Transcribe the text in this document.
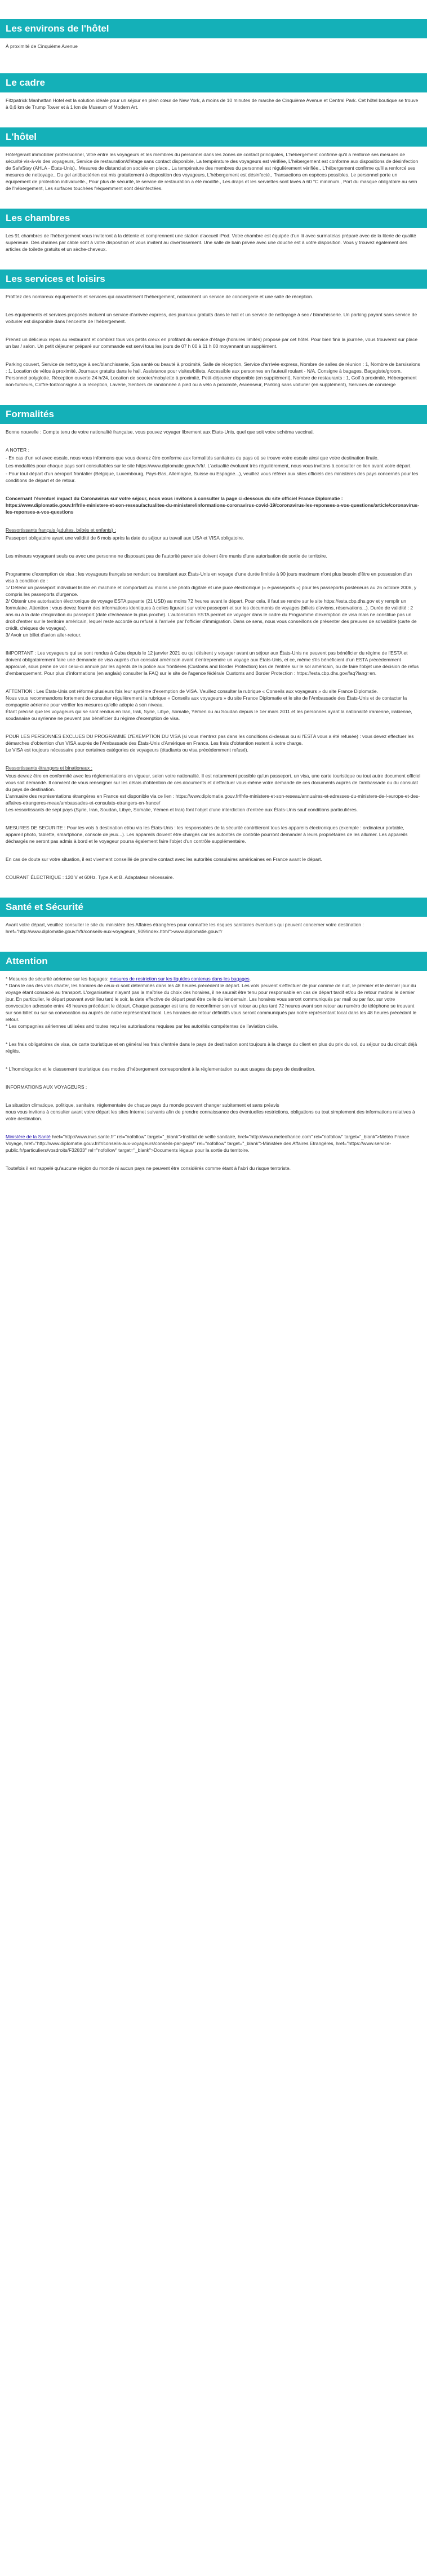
Les environs de l'hôtel

À proximité de Cinquième Avenue

Le cadre

Fitzpatrick Manhattan Hotel est la solution idéale pour un séjour en plein cœur de New York, à moins de 10 minutes de marche de Cinquième Avenue et Central Park. Cet hôtel boutique se trouve à 0,6 km de Trump Tower et à 1 km de Museum of Modern Art.

L'hôtel

Hôte/gérant immobilier professionnel, Vitre entre les voyageurs et les membres du personnel dans les zones de contact principales, L'hébergement confirme qu'il a renforcé ses mesures de sécurité vis-à-vis des voyageurs, Service de restauration/d'étage sans contact disponible, La température des voyageurs est vérifiée, L'hébergement est conforme aux dispositions de désinfection de SafeStay (AHLA - États-Unis)., Mesures de distanciation sociale en place., La température des membres du personnel est régulièrement vérifiée., L'hébergement confirme qu'il a renforcé ses mesures de nettoyage., Du gel antibactérien est mis gratuitement à disposition des voyageurs, L'hébergement est désinfecté., Transactions en espèces possibles. Le personnel porte un équipement de protection individuelle., Pour plus de sécurité, le service de restauration a été modifié., Les draps et les serviettes sont lavés à 60 °C minimum., Port du masque obligatoire au sein de l'hébergement, Les surfaces touchées fréquemment sont désinfectées.

Les chambres

Les 91 chambres de l'hébergement vous inviteront à la détente et comprennent une station d'accueil iPod. Votre chambre est équipée d'un lit avec surmatelas préparé avec de la literie de qualité supérieure. Des chaînes par câble sont à votre disposition et vous invitent au divertissement. Une salle de bain privée avec une douche est à votre disposition. Vous y trouvez également des articles de toilette gratuits et un sèche-cheveux.

Les services et loisirs

Profitez des nombreux équipements et services qui caractérisent l'hébergement, notamment un service de conciergerie et une salle de réception.

Les équipements et services proposés incluent un service d'arrivée express, des journaux gratuits dans le hall et un service de nettoyage à sec / blanchisserie. Un parking payant sans service de voiturier est disponible dans l'enceinte de l'hébergement.

Prenez un délicieux repas au restaurant et comblez tous vos petits creux en profitant du service d'étage (horaires limités) proposé par cet hôtel. Pour bien finir la journée, vous trouverez sur place un bar / salon. Un petit déjeuner préparé sur commande est servi tous les jours de 07 h 00 à 11 h 00 moyennant un supplément.

Parking couvert, Service de nettoyage à sec/blanchisserie, Spa santé ou beauté à proximité, Salle de réception, Service d'arrivée express, Nombre de salles de réunion : 1, Nombre de bars/salons : 1, Location de vélos à proximité, Journaux gratuits dans le hall, Assistance pour visites/billets, Accessible aux personnes en fauteuil roulant - N/A, Consigne à bagages, Bagagiste/groom, Personnel polyglotte, Réception ouverte 24 h/24, Location de scooter/mobylette à proximité, Petit-déjeuner disponible (en supplément), Nombre de restaurants : 1, Golf à proximité, Hébergement non-fumeurs, Coffre-fort/consigne à la réception, Laverie, Sentiers de randonnée à pied ou à vélo à proximité, Ascenseur, Parking sans voiturier (en supplément), Services de concierge

Formalités

Bonne nouvelle : Compte tenu de votre nationalité française, vous pouvez voyager librement aux Etats-Unis, quel que soit votre schéma vaccinal.

A NOTER :

- En cas d'un vol avec escale, nous vous informons que vous devrez être conforme aux formalités sanitaires du pays où se trouve votre escale ainsi que votre destination finale.

Les modalités pour chaque pays sont consultables sur le site https://www.diplomatie.gouv.fr/fr/. L'actualité évoluant très régulièrement, nous vous invitons à consulter ce lien avant votre départ.

- Pour tout départ d'un aéroport frontalier (Belgique, Luxembourg, Pays-Bas, Allemagne, Suisse ou Espagne...), veuillez vous référer aux sites officiels des ministères des pays concernés pour les conditions de départ et de retour.

Concernant l'éventuel impact du Coronavirus sur votre séjour, nous vous invitons à consulter la page ci-dessous du site officiel France Diplomatie : https://www.diplomatie.gouv.fr/fr/le-ministere-et-son-reseau/actualites-du-ministere/informations-coronavirus-covid-19/coronavirus-les-reponses-a-vos-questions/article/coronavirus-les-reponses-a-vos-questions

Ressortissants français (adultes, bébés et enfants) :

Passeport obligatoire ayant une validité de 6 mois après la date du séjour au travail aux USA et VISA obligatoire.

Les mineurs voyageant seuls ou avec une personne ne disposant pas de l'autorité parentale doivent être munis d'une autorisation de sortie de territoire.

Programme d'exemption de visa : les voyageurs français se rendant ou transitant aux États-Unis en voyage d'une durée limitée à 90 jours maximum n'ont plus besoin d'être en possession d'un visa à condition de :
1/ Détenir un passeport individuel lisible en machine et comportant au moins une photo digitale et une puce électronique (« e-passeports ») pour les passeports postérieurs au 26 octobre 2006, y compris les passeports d'urgence.
2/ Obtenir une autorisation électronique de voyage ESTA payante (21 USD) au moins 72 heures avant le départ. Pour cela, il faut se rendre sur le site https://esta.cbp.dhs.gov et y remplir un formulaire. Attention : vous devez fournir des informations identiques à celles figurant sur votre passeport et sur les documents de voyages (billets d'avions, réservations...). Durée de validité : 2 ans ou à la date d'expiration du passeport (date d'échéance la plus proche). L'autorisation ESTA permet de voyager dans le cadre du Programme d'exemption de visa mais ne constitue pas un droit d'entrer sur le territoire américain, lequel reste accordé ou refusé à l'arrivée par l'officier d'immigration. Dans ce sens, nous vous conseillons de présenter des preuves de solvabilité (carte de crédit, chèques de voyages).
3/ Avoir un billet d'avion aller-retour.

IMPORTANT : Les voyageurs qui se sont rendus à Cuba depuis le 12 janvier 2021 ou qui désirent y voyager avant un séjour aux États-Unis ne peuvent pas bénéficier du régime de l'ESTA et doivent obligatoirement faire une demande de visa auprès d'un consulat américain avant d'entreprendre un voyage aux États-Unis, et ce, même s'ils bénéficient d'un ESTA précédemment approuvé, sous peine de voir celui-ci annulé par les agents de la police aux frontières (Customs and Border Protection) lors de l'entrée sur le sol américain, ou de faire l'objet une décision de refus d'embarquement. Pour plus d'informations (en anglais) consulter la FAQ sur le site de l'agence fédérale Customs and Border Protection : https://esta.cbp.dhs.gov/faq?lang=en.

ATTENTION : Les États-Unis ont réformé plusieurs fois leur système d'exemption de VISA. Veuillez consulter la rubrique « Conseils aux voyageurs » du site France Diplomatie.
Nous vous recommandons fortement de consulter régulièrement la rubrique « Conseils aux voyageurs » du site France Diplomatie et le site de l'Ambassade des États-Unis et de contacter la compagnie aérienne pour vérifier les mesures qu'elle adopte à son niveau.
Étant précisé que les voyageurs qui se sont rendus en Iran, Irak, Syrie, Libye, Somalie, Yémen ou au Soudan depuis le 1er mars 2011 et les personnes ayant la nationalité iranienne, irakienne, soudanaise ou syrienne ne peuvent pas bénéficier du régime d'exemption de visa.

POUR LES PERSONNES EXCLUES DU PROGRAMME D'EXEMPTION DU VISA (si vous n'entrez pas dans les conditions ci-dessus ou si l'ESTA vous a été refusée) : vous devez effectuer les démarches d'obtention d'un VISA auprès de l'Ambassade des États-Unis d'Amérique en France. Les frais d'obtention restent à votre charge.
Le VISA est toujours nécessaire pour certaines catégories de voyageurs (étudiants ou visa précédemment refusé).

Ressortissants étrangers et binationaux :

Vous devrez être en conformité avec les réglementations en vigueur, selon votre nationalité. Il est notamment possible qu'un passeport, un visa, une carte touristique ou tout autre document officiel vous soit demandé. Il convient de vous renseigner sur les délais d'obtention de ces documents et d'effectuer vous-même votre demande de ces documents auprès de l'ambassade ou du consulat du pays de destination.
L'annuaire des représentations étrangères en France est disponible via ce lien : https://www.diplomatie.gouv.fr/fr/le-ministere-et-son-reseau/annuaires-et-adresses-du-ministere-de-l-europe-et-des-affaires-etrangeres-meae/ambassades-et-consulats-etrangers-en-france/
Les ressortissants de sept pays (Syrie, Iran, Soudan, Libye, Somalie, Yémen et Irak) font l'objet d'une interdiction d'entrée aux États-Unis sauf conditions particulières.

MESURES DE SECURITE : Pour les vols à destination et/ou via les États-Unis : les responsables de la sécurité contrôleront tous les appareils électroniques (exemple : ordinateur portable, appareil photo, tablette, smartphone, console de jeux...). Les appareils doivent être chargés car les autorités de contrôle pourront demander à leurs propriétaires de les allumer. Les appareils déchargés ne seront pas admis à bord et le voyageur pourra également faire l'objet d'un contrôle supplémentaire.

En cas de doute sur votre situation, il est vivement conseillé de prendre contact avec les autorités consulaires américaines en France avant le départ.

COURANT ÉLECTRIQUE : 120 V et 60Hz. Type A et B. Adaptateur nécessaire.

Santé et Sécurité

Avant votre départ, veuillez consulter le site du ministère des Affaires étrangères pour connaître les risques sanitaires éventuels qui peuvent concerner votre destination : href="http://www.diplomatie.gouv.fr/fr/conseils-aux-voyageurs_909/index.html">www.diplomatie.gouv.fr

Attention

* Mesures de sécurité aérienne sur les bagages: mesures de restriction sur les liquides contenus dans les bagages.
* Dans le cas des vols charter, les horaires de ceux-ci sont déterminés dans les 48 heures précédent le départ. Les vols peuvent s'effectuer de jour comme de nuit, le premier et le dernier jour du voyage étant consacré au transport. L'organisateur n'ayant pas la maîtrise du choix des horaires, il ne saurait être tenu pour responsable en cas de départ tardif et/ou de retour matinal le dernier jour. En particulier, le départ pouvant avoir lieu tard le soir, la date effective de départ peut être celle du lendemain. Les horaires vous seront communiqués par mail ou par fax, sur votre convocation adressée entre 48 heures précédant le départ. Chaque passager est tenu de reconfirmer son vol retour au plus tard 72 heures avant son retour au numéro de téléphone se trouvant sur son billet ou sur sa convocation ou auprès de notre représentant local. Les horaires de retour définitifs vous seront communiqués par notre représentant local dans les 48 heures précédant le retour.
* Les compagnies aériennes utilisées and toutes reçu les autorisations requises par les autorités compétentes de l'aviation civile.

* Les frais obligatoires de visa, de carte touristique et en général les frais d'entrée dans le pays de destination sont toujours à la charge du client en plus du prix du vol, du séjour ou du circuit déjà réglés.

* L'homologation et le classement touristique des modes d'hébergement correspondent à la réglementation ou aux usages du pays de destination.

INFORMATIONS AUX VOYAGEURS :

La situation climatique, politique, sanitaire, réglementaire de chaque pays du monde pouvant changer subitement et sans préavis
nous vous invitons à consulter avant votre départ les sites Internet suivants afin de prendre connaissance des éventuelles restrictions, obligations ou tout simplement des informations relatives à votre destination.

Ministère de la Santé href="http://www.invs.sante.fr" rel="nofollow" target="_blank">Institut de veille sanitaire, href="http://www.meteofrance.com" rel="nofollow" target="_blank">Météo France Voyage, href="http://www.diplomatie.gouv.fr/fr/conseils-aux-voyageurs/conseils-par-pays/" rel="nofollow" target="_blank">Ministère des Affaires Etrangères, href="https://www.service-public.fr/particuliers/vosdroits/F32833" rel="nofollow" target="_blank">Documents légaux pour la sortie du territoire.

Toutefois il est rappelé qu'aucune région du monde ni aucun pays ne peuvent être considérés comme étant à l'abri du risque terroriste.
